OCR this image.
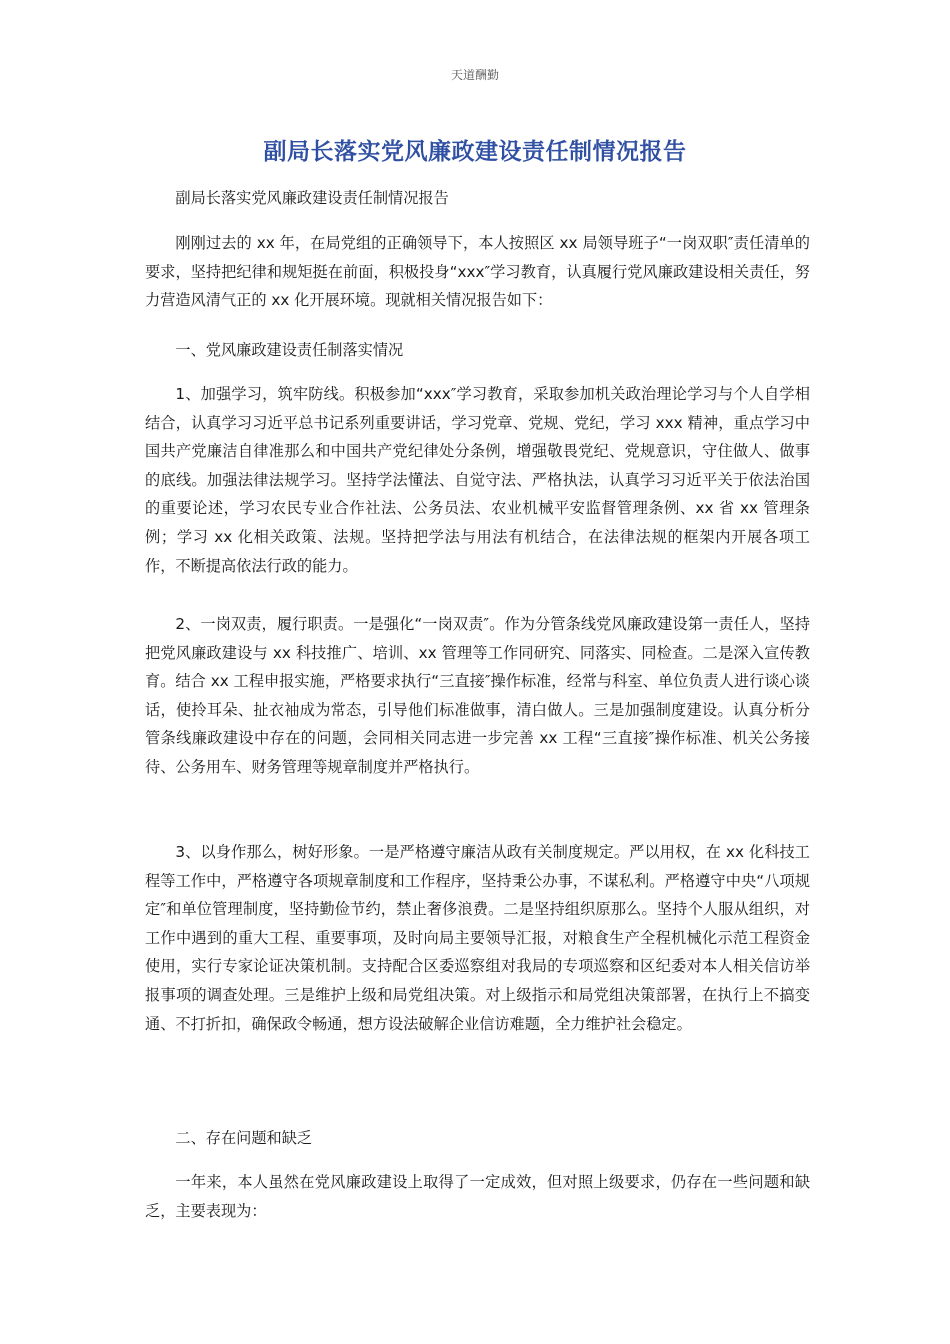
天道酬勤
副局长落实党风廉政建设责任制情况报告

副局长落实党风廉政建设责任制情况报告

刚刚过去的 xx 年，在局党组的正确领导下，本人按照区 xx 局领导班子“一岗双职″责任清单的要求，坚持把纪律和规矩挺在前面，积极投身“xxx″学习教育，认真履行党风廉政建设相关责任，努力营造风清气正的 xx 化开展环境。现就相关情况报告如下：

一、党风廉政建设责任制落实情况

1、加强学习，筑牢防线。积极参加“xxx″学习教育，采取参加机关政治理论学习与个人自学相结合，认真学习习近平总书记系列重要讲话，学习党章、党规、党纪，学习 xxx 精神，重点学习中国共产党廉洁自律准那么和中国共产党纪律处分条例，增强敬畏党纪、党规意识，守住做人、做事的底线。加强法律法规学习。坚持学法懂法、自觉守法、严格执法，认真学习习近平关于依法治国的重要论述，学习农民专业合作社法、公务员法、农业机械平安监督管理条例、xx 省 xx 管理条例；学习 xx 化相关政策、法规。坚持把学法与用法有机结合，在法律法规的框架内开展各项工作，不断提高依法行政的能力。

2、一岗双责，履行职责。一是强化“一岗双责″。作为分管条线党风廉政建设第一责任人，坚持把党风廉政建设与 xx 科技推广、培训、xx 管理等工作同研究、同落实、同检查。二是深入宣传教育。结合 xx 工程申报实施，严格要求执行“三直接″操作标准，经常与科室、单位负责人进行谈心谈话，使拎耳朵、扯衣袖成为常态，引导他们标准做事，清白做人。三是加强制度建设。认真分析分管条线廉政建设中存在的问题，会同相关同志进一步完善 xx 工程“三直接″操作标准、机关公务接待、公务用车、财务管理等规章制度并严格执行。

3、以身作那么，树好形象。一是严格遵守廉洁从政有关制度规定。严以用权，在 xx 化科技工程等工作中，严格遵守各项规章制度和工作程序，坚持秉公办事，不谋私利。严格遵守中央“八项规定″和单位管理制度，坚持勤俭节约，禁止奢侈浪费。二是坚持组织原那么。坚持个人服从组织，对工作中遇到的重大工程、重要事项，及时向局主要领导汇报，对粮食生产全程机械化示范工程资金使用，实行专家论证决策机制。支持配合区委巡察组对我局的专项巡察和区纪委对本人相关信访举报事项的调查处理。三是维护上级和局党组决策。对上级指示和局党组决策部署，在执行上不搞变通、不打折扣，确保政令畅通，想方设法破解企业信访难题，全力维护社会稳定。

二、存在问题和缺乏

一年来，本人虽然在党风廉政建设上取得了一定成效，但对照上级要求，仍存在一些问题和缺乏，主要表现为：
